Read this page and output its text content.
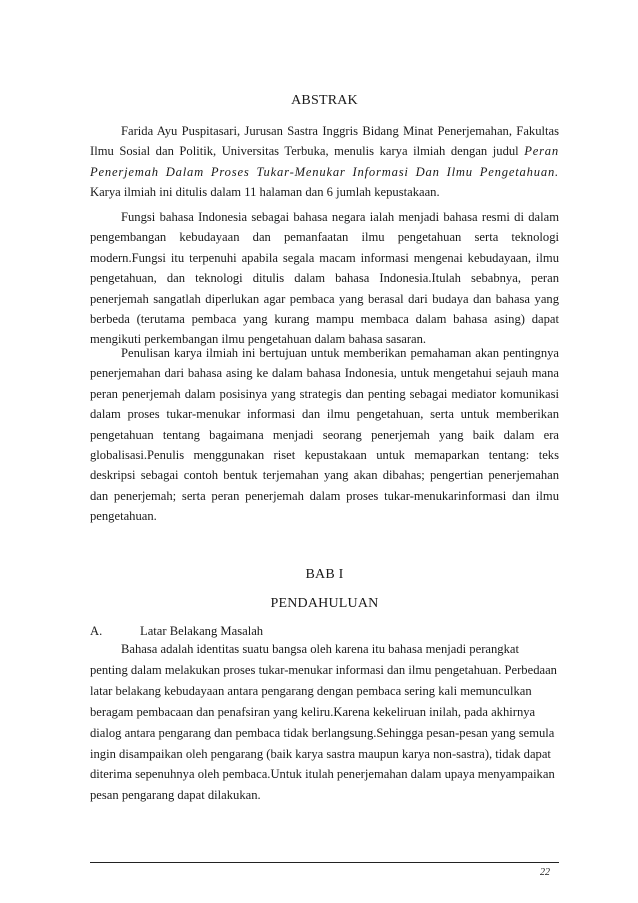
ABSTRAK

Farida Ayu Puspitasari, Jurusan Sastra Inggris Bidang Minat Penerjemahan, Fakultas Ilmu Sosial dan Politik, Universitas Terbuka, menulis karya ilmiah dengan judul Peran Penerjemah Dalam Proses Tukar-Menukar Informasi Dan Ilmu Pengetahuan. Karya ilmiah ini ditulis dalam 11 halaman dan 6 jumlah kepustakaan.

Fungsi bahasa Indonesia sebagai bahasa negara ialah menjadi bahasa resmi di dalam pengembangan kebudayaan dan pemanfaatan ilmu pengetahuan serta teknologi modern.Fungsi itu terpenuhi apabila segala macam informasi mengenai kebudayaan, ilmu pengetahuan, dan teknologi ditulis dalam bahasa Indonesia.Itulah sebabnya, peran penerjemah sangatlah diperlukan agar pembaca yang berasal dari budaya dan bahasa yang berbeda (terutama pembaca yang kurang mampu membaca dalam bahasa asing) dapat mengikuti perkembangan ilmu pengetahuan dalam bahasa sasaran.

Penulisan karya ilmiah ini bertujuan untuk memberikan pemahaman akan pentingnya penerjemahan dari bahasa asing ke dalam bahasa Indonesia, untuk mengetahui sejauh mana peran penerjemah dalam posisinya yang strategis dan penting sebagai mediator komunikasi dalam proses tukar-menukar informasi dan ilmu pengetahuan, serta untuk memberikan pengetahuan tentang bagaimana menjadi seorang penerjemah yang baik dalam era globalisasi.Penulis menggunakan riset kepustakaan untuk memaparkan tentang: teks deskripsi sebagai contoh bentuk terjemahan yang akan dibahas; pengertian penerjemahan dan penerjemah; serta peran penerjemah dalam proses tukar-menukarinformasi dan ilmu pengetahuan.

BAB I
PENDAHULUAN
A.	Latar Belakang Masalah

Bahasa adalah identitas suatu bangsa oleh karena itu bahasa menjadi perangkat penting dalam melakukan proses tukar-menukar informasi dan ilmu pengetahuan. Perbedaan latar belakang kebudayaan antara pengarang dengan pembaca sering kali memunculkan beragam pembacaan dan penafsiran yang keliru.Karena kekeliruan inilah, pada akhirnya dialog antara pengarang dan pembaca tidak berlangsung.Sehingga pesan-pesan yang semula ingin disampaikan oleh pengarang (baik karya sastra maupun karya non-sastra), tidak dapat diterima sepenuhnya oleh pembaca.Untuk itulah penerjemahan dalam upaya menyampaikan pesan pengarang dapat dilakukan.

22
